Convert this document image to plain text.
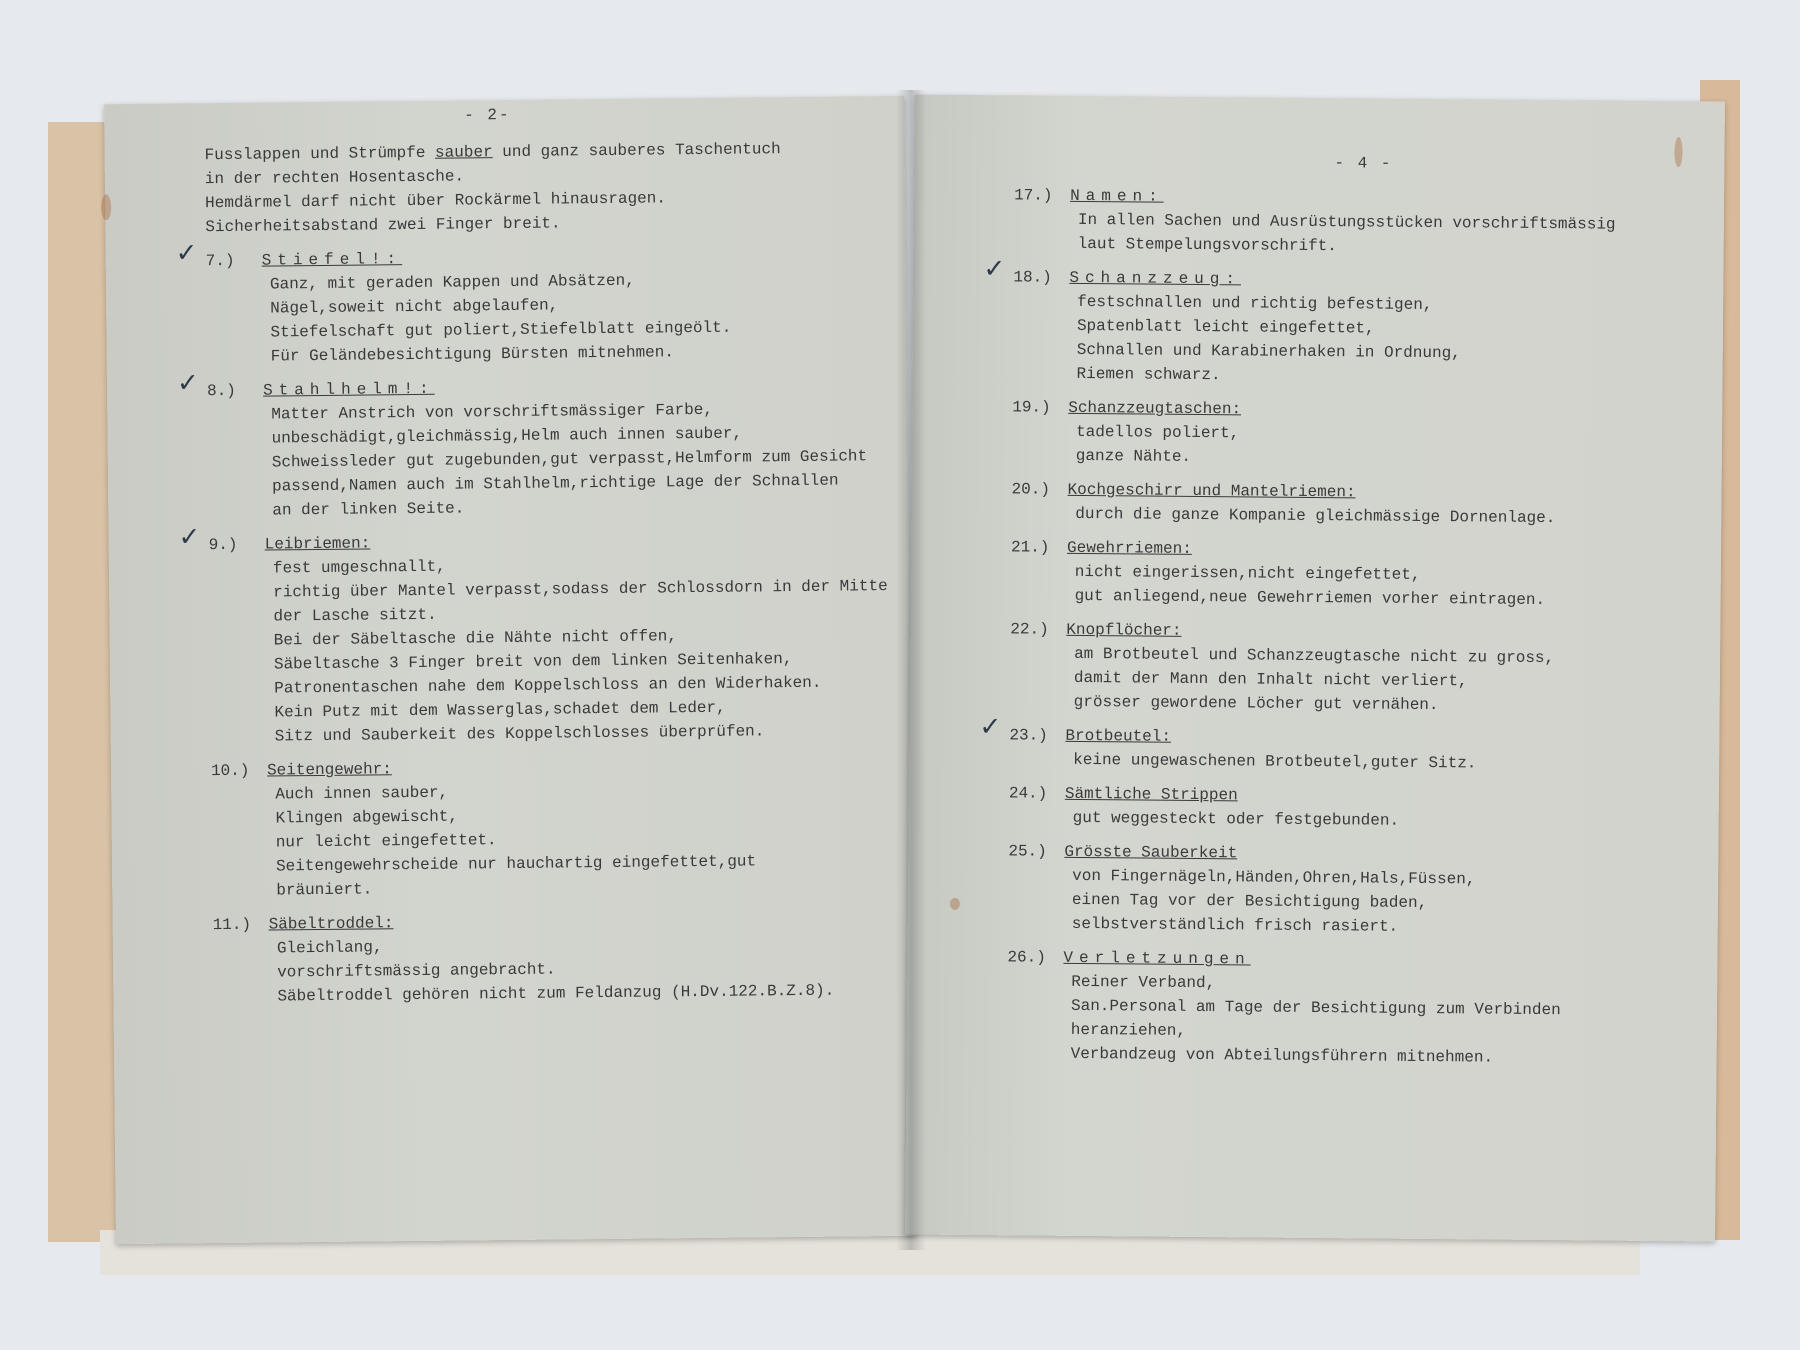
- 2-
Fusslappen und Strümpfe sauber und ganz sauberes Taschentuch
in der rechten Hosentasche.
Hemdärmel darf nicht über Rockärmel hinausragen.
Sicherheitsabstand zwei Finger breit.
✓ 7.) Stiefel!:
Ganz, mit geraden Kappen und Absätzen,
Nägel,soweit nicht abgelaufen,
Stiefelschaft gut poliert,Stiefelblatt eingeölt.
Für Geländebesichtigung Bürsten mitnehmen.
✓ 8.) Stahlhelm!:
Matter Anstrich von vorschriftsmässiger Farbe,
unbeschädigt,gleichmässig,Helm auch innen sauber,
Schweissleder gut zugebunden,gut verpasst,Helmform zum Gesicht
passend,Namen auch im Stahlhelm,richtige Lage der Schnallen
an der linken Seite.
✓ 9.) Leibriemen:
fest umgeschnallt,
richtig über Mantel verpasst,sodass der Schlossdorn in der Mitte
der Lasche sitzt.
Bei der Säbeltasche die Nähte nicht offen,
Säbeltasche 3 Finger breit von dem linken Seitenhaken,
Patronentaschen nahe dem Koppelschloss an den Widerhaken.
Kein Putz mit dem Wasserglas,schadet dem Leder,
Sitz und Sauberkeit des Koppelschlosses überprüfen.
10.) Seitengewehr:
Auch innen sauber,
Klingen abgewischt,
nur leicht eingefettet.
Seitengewehrscheide nur hauchartig eingefettet,gut
bräuniert.
11.) Säbeltroddel:
Gleichlang,
vorschriftsmässig angebracht.
Säbeltroddel gehören nicht zum Feldanzug (H.Dv.122.B.Z.8).
- 4 -
17.) Namen:
In allen Sachen und Ausrüstungsstücken vorschriftsmässig
laut Stempelungsvorschrift.
✓ 18.) Schanzzeug:
festschnallen und richtig befestigen,
Spatenblatt leicht eingefettet,
Schnallen und Karabinerhaken in Ordnung,
Riemen schwarz.
19.) Schanzzeugtaschen:
tadellos poliert,
ganze Nähte.
20.) Kochgeschirr und Mantelriemen:
durch die ganze Kompanie gleichmässige Dornenlage.
21.) Gewehrriemen:
nicht eingerissen,nicht eingefettet,
gut anliegend,neue Gewehrriemen vorher eintragen.
22.) Knopflöcher:
am Brotbeutel und Schanzzeugtasche nicht zu gross,
damit der Mann den Inhalt nicht verliert,
grösser gewordene Löcher gut vernähen.
✓ 23.) Brotbeutel:
keine ungewaschenen Brotbeutel,guter Sitz.
24.) Sämtliche Strippen
gut weggesteckt oder festgebunden.
25.) Grösste Sauberkeit
von Fingernägeln,Händen,Ohren,Hals,Füssen,
einen Tag vor der Besichtigung baden,
selbstverständlich frisch rasiert.
26.) Verletzungen
Reiner Verband,
San.Personal am Tage der Besichtigung zum Verbinden
heranziehen,
Verbandzeug von Abteilungsführern mitnehmen.
